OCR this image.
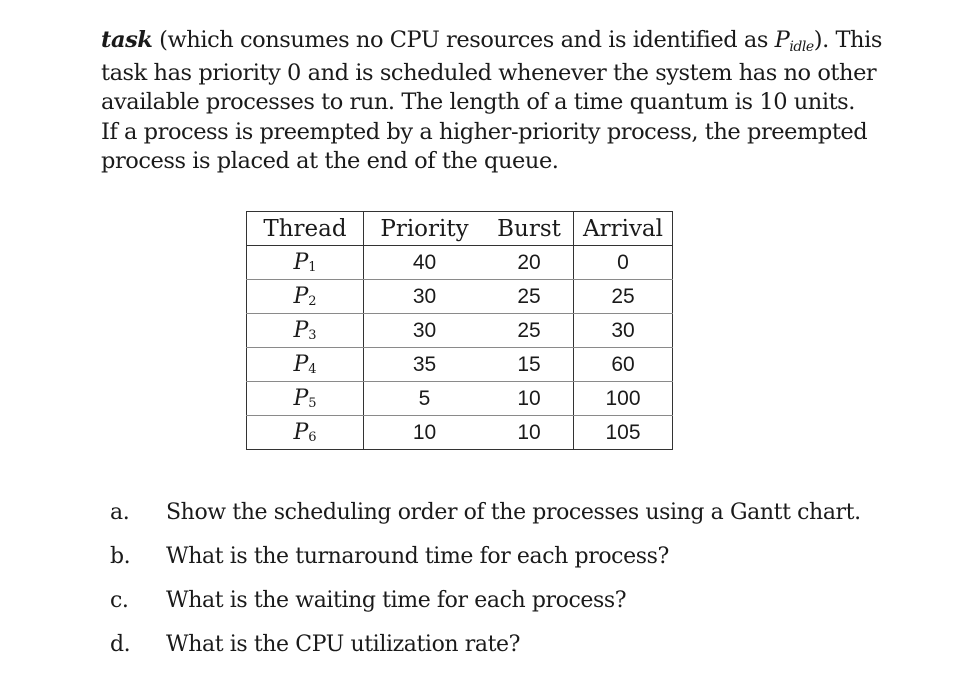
task (which consumes no CPU resources and is identified as Pidle). This
task has priority 0 and is scheduled whenever the system has no other
available processes to run. The length of a time quantum is 10 units.
If a process is preempted by a higher-priority process, the preempted
process is placed at the end of the queue.
Thread	Priority	Burst	Arrival
$P_1$	40	20	0
$P_2$	30	25	25
$P_3$	30	25	30
$P_4$	35	15	60
$P_5$	5	10	100
$P_6$	10	10	105
a. Show the scheduling order of the processes using a Gantt chart.
b. What is the turnaround time for each process?
c. What is the waiting time for each process?
d. What is the CPU utilization rate?
